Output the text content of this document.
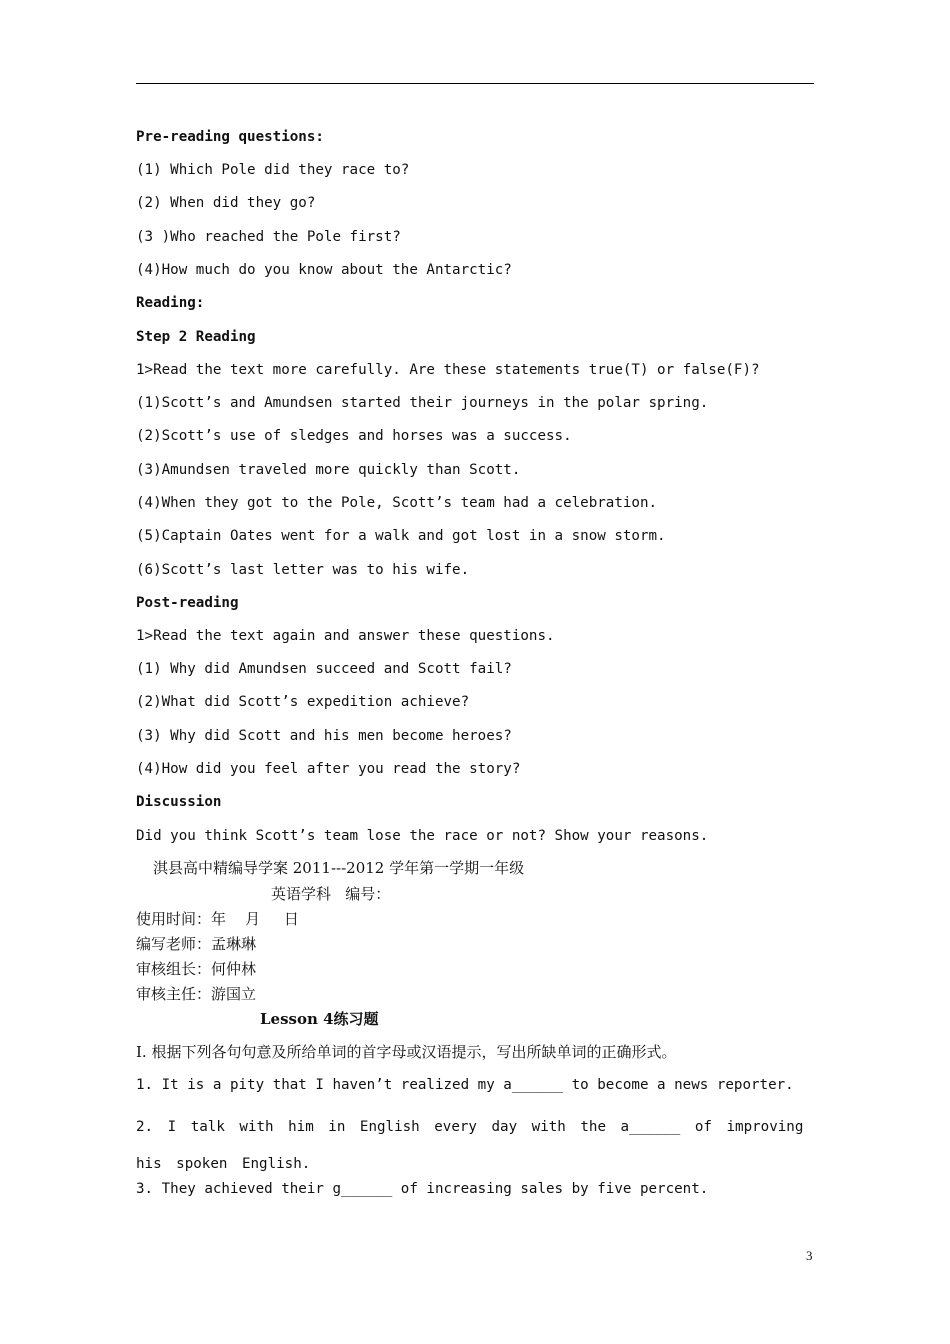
Pre-reading questions:
(1) Which Pole did they race to?
(2) When did they go?
(3 )Who reached the Pole first?
(4)How much do you know about the Antarctic?
Reading:
Step 2 Reading
1>Read the text more carefully. Are these statements true(T) or false(F)?
(1)Scott’s and Amundsen started their journeys in the polar spring.
(2)Scott’s use of sledges and horses was a success.
(3)Amundsen traveled more quickly than Scott.
(4)When they got to the Pole, Scott’s team had a celebration.
(5)Captain Oates went for a walk and got lost in a snow storm.
(6)Scott’s last letter was to his wife.
Post-reading
1>Read the text again and answer these questions.
(1) Why did Amundsen succeed and Scott fail?
(2)What did Scott’s expedition achieve?
(3) Why did Scott and his men become heroes?
(4)How did you feel after you read the story?
Discussion
Did you think Scott’s team lose the race or not? Show your reasons.
淇县高中精编导学案 2011---2012 学年第一学期一年级
英语学科   编号：
使用时间：年    月     日
编写老师：孟琳琳
审核组长：何仲林
审核主任：游国立
Lesson 4练习题
I. 根据下列各句句意及所给单词的首字母或汉语提示，写出所缺单词的正确形式。
1. It is a pity that I haven’t realized my a______ to become a news reporter.
2. I talk with him in English every day with the a______ of improving his spoken English.
3. They achieved their g______ of increasing sales by five percent.
3
